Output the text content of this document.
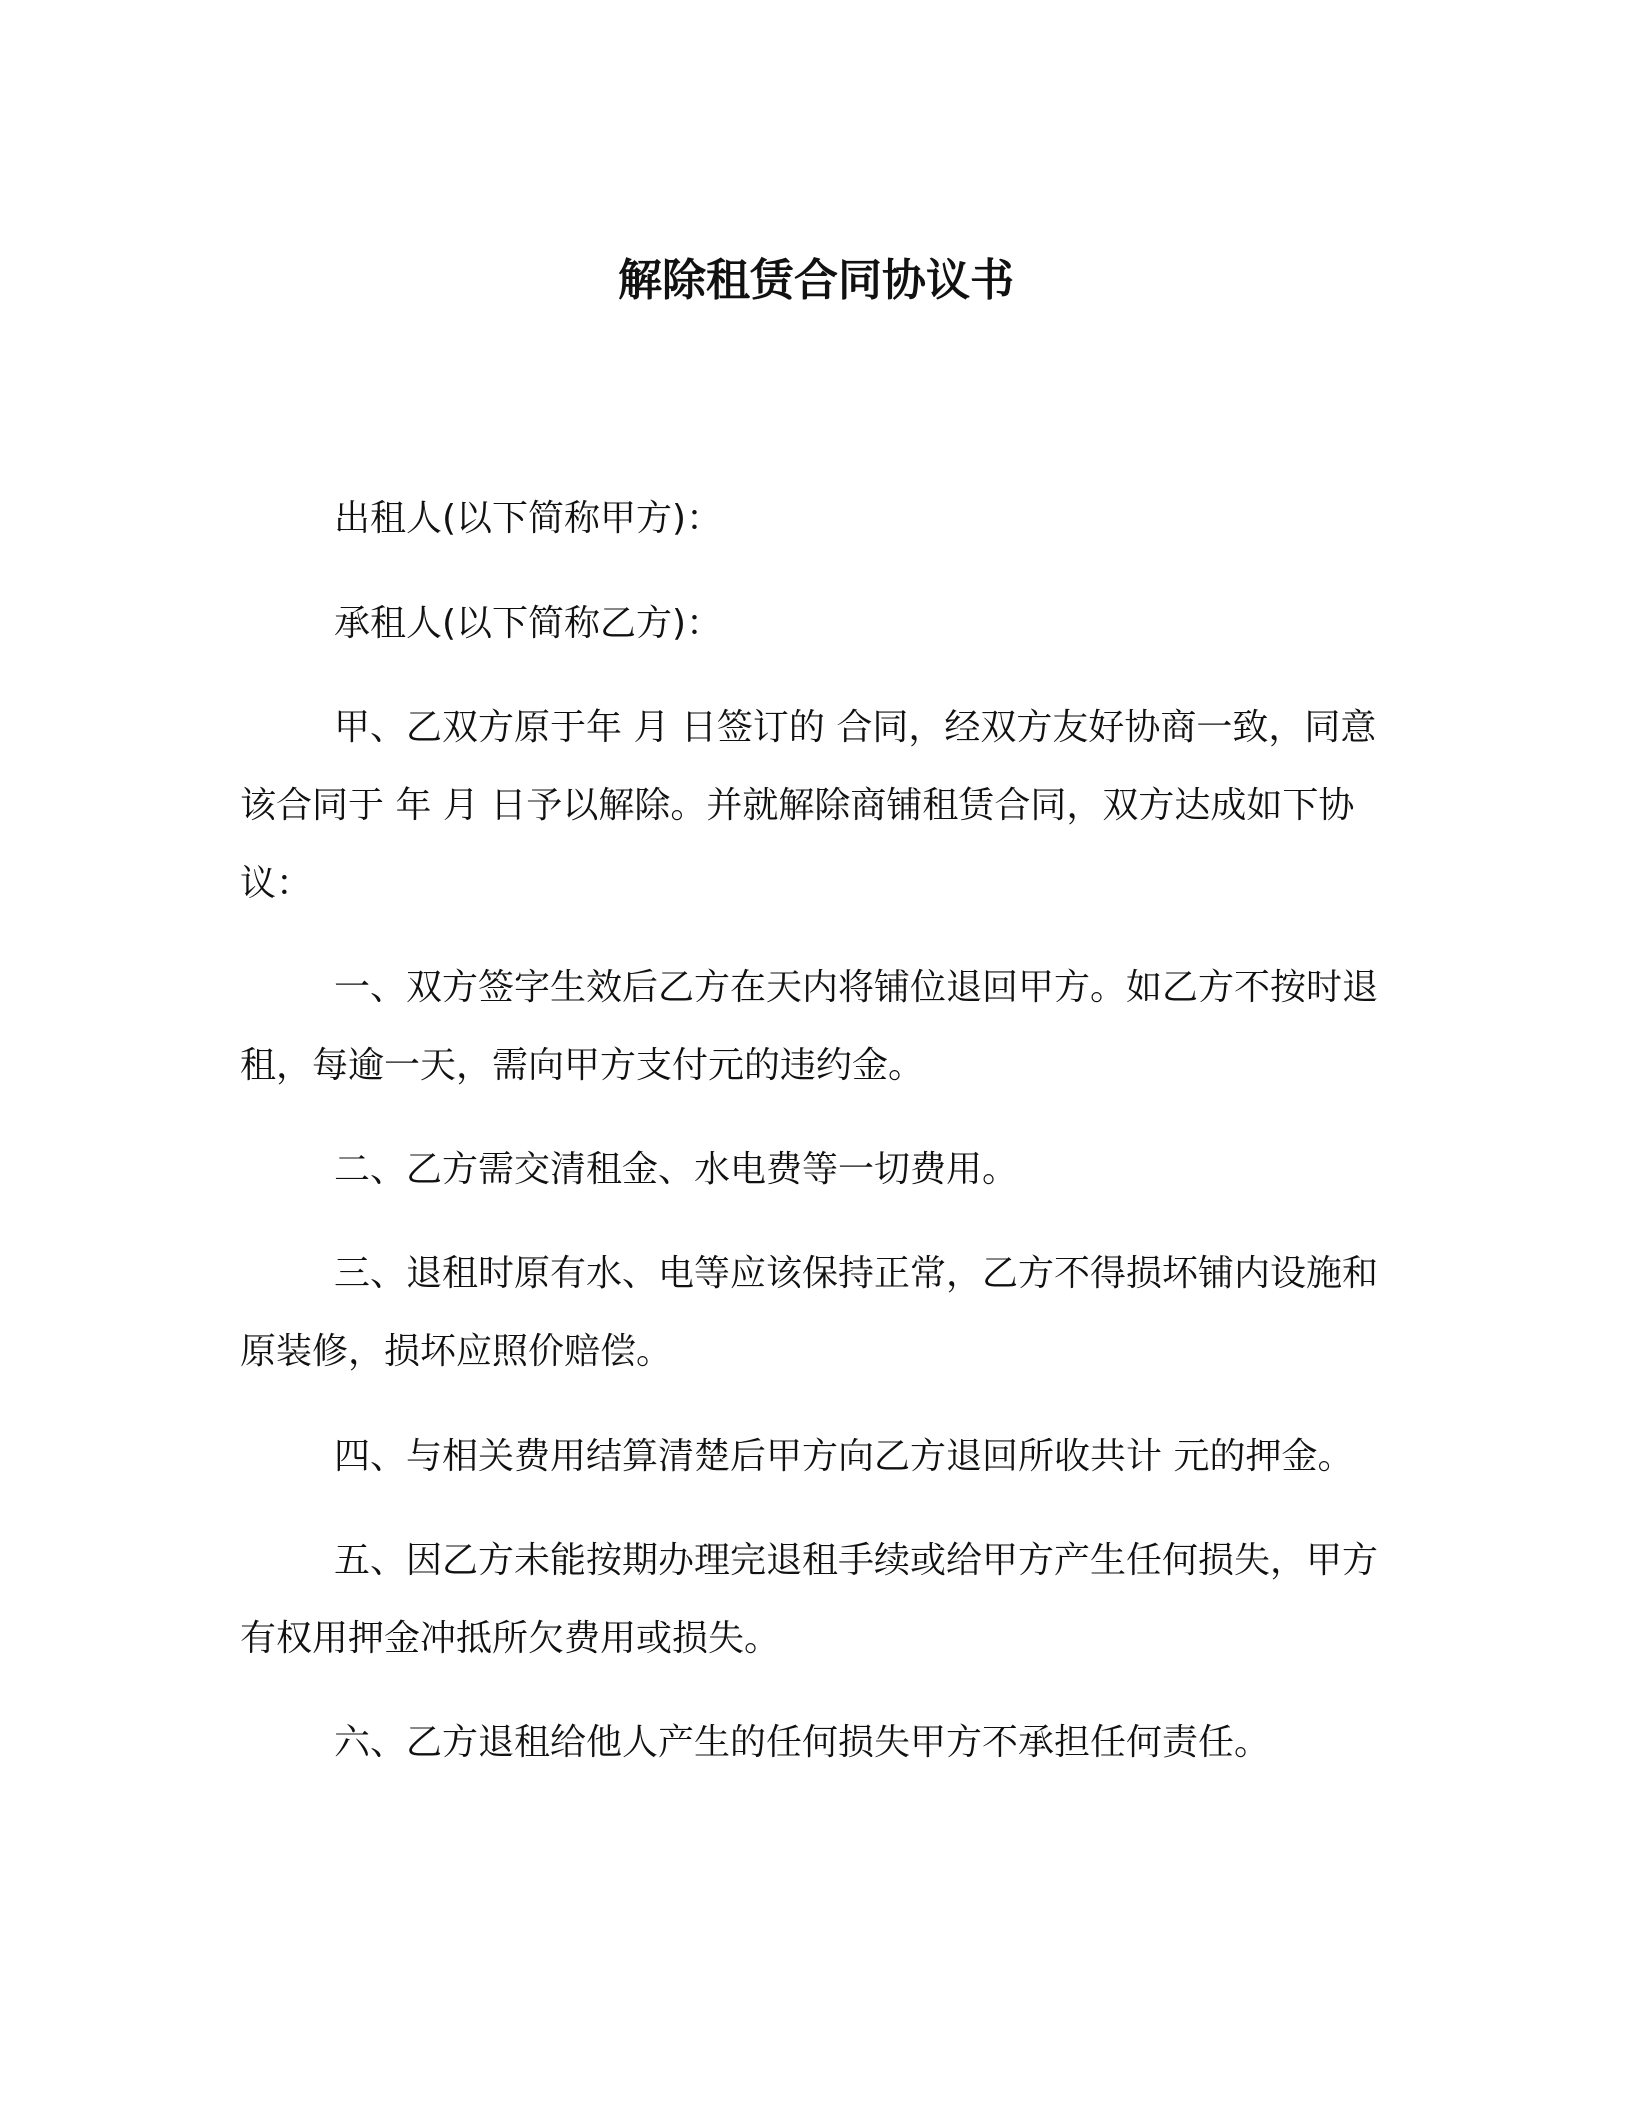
解除租赁合同协议书

出租人(以下简称甲方)：

承租人(以下简称乙方)：

甲、乙双方原于年 月 日签订的 合同，经双方友好协商一致，同意该合同于 年 月 日予以解除。并就解除商铺租赁合同，双方达成如下协议：

一、双方签字生效后乙方在天内将铺位退回甲方。如乙方不按时退租，每逾一天，需向甲方支付元的违约金。

二、乙方需交清租金、水电费等一切费用。

三、退租时原有水、电等应该保持正常，乙方不得损坏铺内设施和原装修，损坏应照价赔偿。

四、与相关费用结算清楚后甲方向乙方退回所收共计 元的押金。

五、因乙方未能按期办理完退租手续或给甲方产生任何损失，甲方有权用押金冲抵所欠费用或损失。

六、乙方退租给他人产生的任何损失甲方不承担任何责任。
